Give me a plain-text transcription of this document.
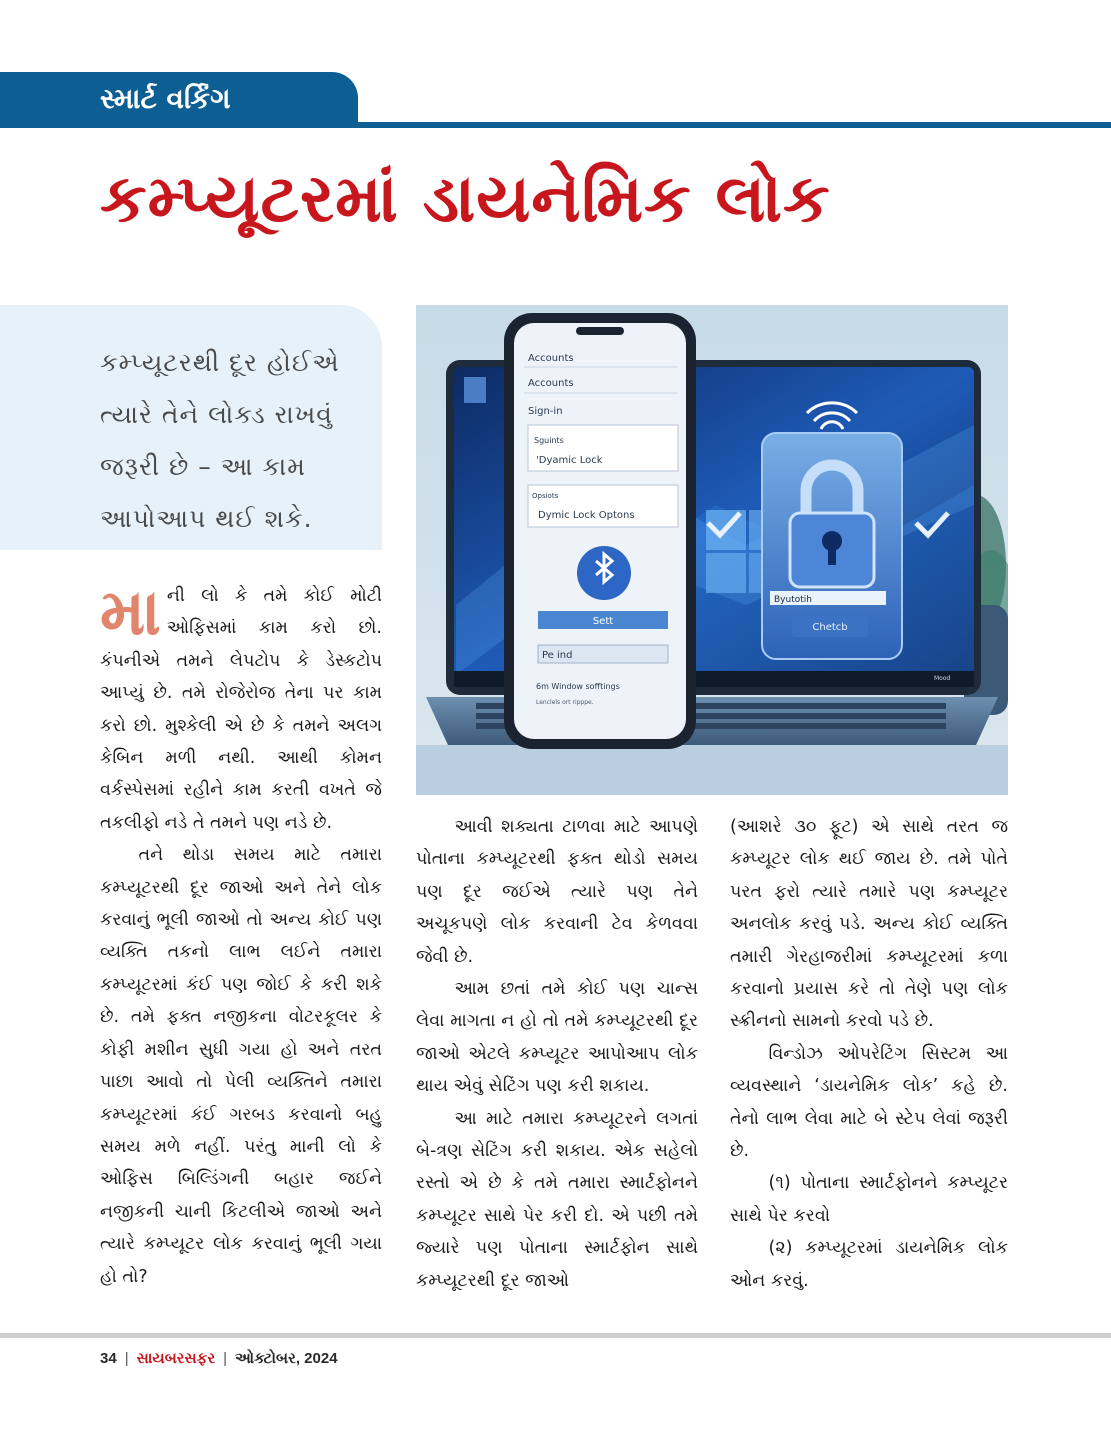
સ્માર્ટ વર્કિંગ
કમ્પ્યૂટરમાં ડાયનેમિક લોક
કમ્પ્યૂટરથી દૂર હોઈએ ત્યારે તેને લોક્ડ રાખવું જરૂરી છે – આ કામ આપોઆપ થઈ શકે.
મા ની લો કે તમે કોઈ મોટી ઓફિસમાં કામ કરો છો. કંપનીએ તમને લેપટોપ કે ડેસ્કટોપ આપ્યું છે. તમે રોજેરોજ તેના પર કામ કરો છો. મુશ્કેલી એ છે કે તમને અલગ કેબિન મળી નથી. આથી કોમન વર્કસ્પેસમાં રહીને કામ કરતી વખતે જે તકલીફો નડે તે તમને પણ નડે છે.

તને થોડા સમય માટે તમારા કમ્પ્યૂટરથી દૂર જાઓ અને તેને લોક કરવાનું ભૂલી જાઓ તો અન્ય કોઈ પણ વ્યક્તિ તકનો લાભ લઈને તમારા કમ્પ્યૂટરમાં કંઈ પણ જોઈ કે કરી શકે છે. તમે ફક્ત નજીકના વોટરકૂલર કે કોફી મશીન સુધી ગયા હો અને તરત પાછા આવો તો પેલી વ્યક્તિને તમારા કમ્પ્યૂટરમાં કંઈ ગરબડ કરવાનો બહુ સમય મળે નહીં. પરંતુ માની લો કે ઓફિસ બિલ્ડિંગની બહાર જઈને નજીકની ચાની કિટલીએ જાઓ અને ત્યારે કમ્પ્યૂટર લોક કરવાનું ભૂલી ગયા હો તો?

Byutotih
Chetcb
Mood
Accounts
Accounts
Sign-in
Sguints
'Dyamic Lock
Opsiots
Dymic Lock Optons
Sett
Pe ind
6m Window sofftings
Lenclels ort ripppe.

આવી શક્યતા ટાળવા માટે આપણે પોતાના કમ્પ્યૂટરથી ફક્ત થોડો સમય પણ દૂર જઈએ ત્યારે પણ તેને અચૂકપણે લોક કરવાની ટેવ કેળવવા જેવી છે.

આમ છતાં તમે કોઈ પણ ચાન્સ લેવા માગતા ન હો તો તમે કમ્પ્યૂટરથી દૂર જાઓ એટલે કમ્પ્યૂટર આપોઆપ લોક થાય એવું સેટિંગ પણ કરી શકાય.

આ માટે તમારા કમ્પ્યૂટરને લગતાં બે-ત્રણ સેટિંગ કરી શકાય. એક સહેલો રસ્તો એ છે કે તમે તમારા સ્માર્ટફોનને કમ્પ્યૂટર સાથે પેર કરી દો. એ પછી તમે જ્યારે પણ પોતાના સ્માર્ટફોન સાથે કમ્પ્યૂટરથી દૂર જાઓ

(આશરે ૩૦ ફૂટ) એ સાથે તરત જ કમ્પ્યૂટર લોક થઈ જાય છે. તમે પોતે પરત ફરો ત્યારે તમારે પણ કમ્પ્યૂટર અનલોક કરવું પડે. અન્ય કોઈ વ્યક્તિ તમારી ગેરહાજરીમાં કમ્પ્યૂટરમાં કળા કરવાનો પ્રયાસ કરે તો તેણે પણ લોક સ્ક્રીનનો સામનો કરવો પડે છે.

વિન્ડોઝ ઓપરેટિંગ સિસ્ટમ આ વ્યવસ્થાને ‘ડાયનેમિક લોક’ કહે છે. તેનો લાભ લેવા માટે બે સ્ટેપ લેવાં જરૂરી છે.

(૧) પોતાના સ્માર્ટફોનને કમ્પ્યૂટર સાથે પેર કરવો

(૨) કમ્પ્યૂટરમાં ડાયનેમિક લોક ઓન કરવું.

34 | સાયબરસફર | ઓક્ટોબર, 2024
